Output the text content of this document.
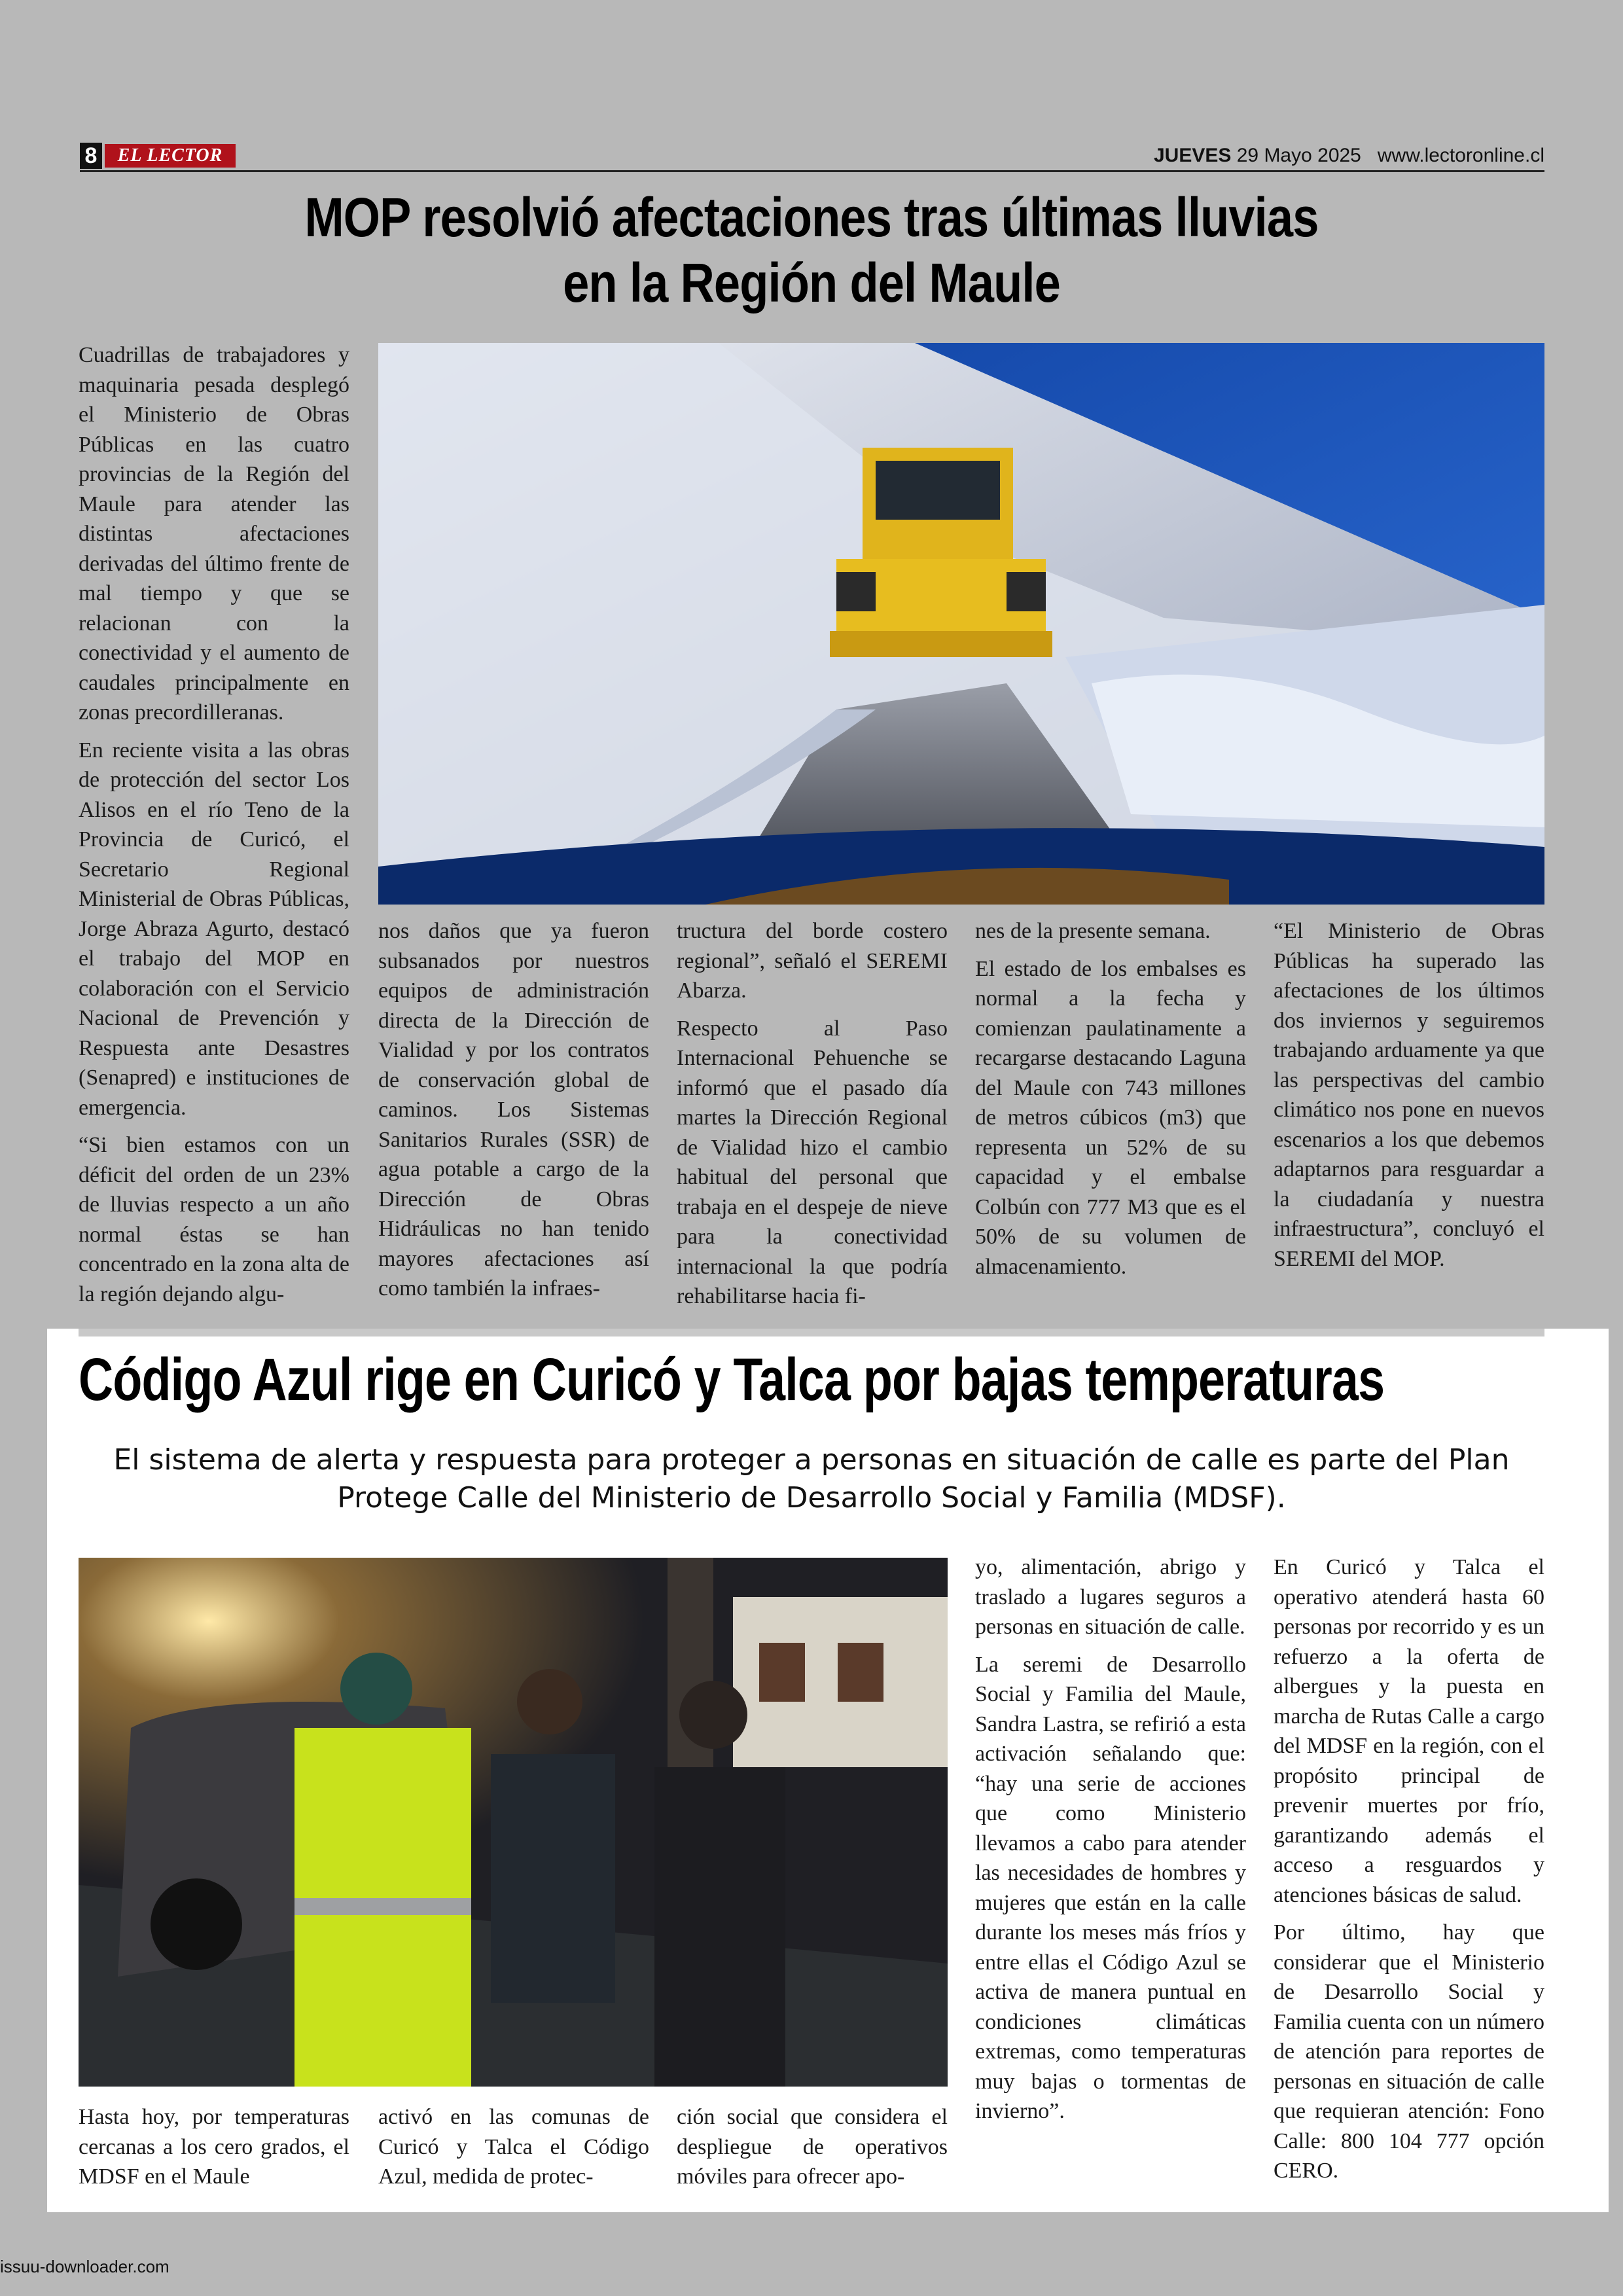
8	EL LECTOR	JUEVES 29 Mayo 2025 www.lectoronline.cl
MOP resolvió afectaciones tras últimas lluvias
en la Región del Maule

Cuadrillas de trabajadores y maquinaria pesada desplegó el Ministerio de Obras Públicas en las cuatro provincias de la Región del Maule para atender las distintas afectaciones derivadas del último frente de mal tiempo y que se relacionan con la conectividad y el aumento de caudales principalmente en zonas precordilleranas.

En reciente visita a las obras de protección del sector Los Alisos en el río Teno de la Provincia de Curicó, el Secretario Regional Ministerial de Obras Públicas, Jorge Abraza Agurto, destacó el trabajo del MOP en colaboración con el Servicio Nacional de Prevención y Respuesta ante Desastres (Senapred) e instituciones de emergencia.

“Si bien estamos con un déficit del orden de un 23% de lluvias respecto a un año normal éstas se han concentrado en la zona alta de la región dejando algu-

nos daños que ya fueron subsanados por nuestros equipos de administración directa de la Dirección de Vialidad y por los contratos de conservación global de caminos. Los Sistemas Sanitarios Rurales (SSR) de agua potable a cargo de la Dirección de Obras Hidráulicas no han tenido mayores afectaciones así como también la infraes-

tructura del borde costero regional”, señaló el SEREMI Abarza.

Respecto al Paso Internacional Pehuenche se informó que el pasado día martes la Dirección Regional de Vialidad hizo el cambio habitual del personal que trabaja en el despeje de nieve para la conectividad internacional la que podría rehabilitarse hacia fi-

nes de la presente semana.

El estado de los embalses es normal a la fecha y comienzan paulatinamente a recargarse destacando Laguna del Maule con 743 millones de metros cúbicos (m3) que representa un 52% de su capacidad y el embalse Colbún con 777 M3 que es el 50% de su volumen de almacenamiento.

“El Ministerio de Obras Públicas ha superado las afectaciones de los últimos dos inviernos y seguiremos trabajando arduamente ya que las perspectivas del cambio climático nos pone en nuevos escenarios a los que debemos adaptarnos para resguardar a la ciudadanía y nuestra infraestructura”, concluyó el SEREMI del MOP.

Código Azul rige en Curicó y Talca por bajas temperaturas
El sistema de alerta y respuesta para proteger a personas en situación de calle es parte del Plan Protege Calle del Ministerio de Desarrollo Social y Familia (MDSF).

Hasta hoy, por temperaturas cercanas a los cero grados, el MDSF en el Maule

activó en las comunas de Curicó y Talca el Código Azul, medida de protec-

ción social que considera el despliegue de operativos móviles para ofrecer apo-

yo, alimentación, abrigo y traslado a lugares seguros a personas en situación de calle.

La seremi de Desarrollo Social y Familia del Maule, Sandra Lastra, se refirió a esta activación señalando que: “hay una serie de acciones que como Ministerio llevamos a cabo para atender las necesidades de hombres y mujeres que están en la calle durante los meses más fríos y entre ellas el Código Azul se activa de manera puntual en condiciones climáticas extremas, como temperaturas muy bajas o tormentas de invierno”.

En Curicó y Talca el operativo atenderá hasta 60 personas por recorrido y es un refuerzo a la oferta de albergues y la puesta en marcha de Rutas Calle a cargo del MDSF en la región, con el propósito principal de prevenir muertes por frío, garantizando además el acceso a resguardos y atenciones básicas de salud.

Por último, hay que considerar que el Ministerio de Desarrollo Social y Familia cuenta con un número de atención para reportes de personas en situación de calle que requieran atención: Fono Calle: 800 104 777 opción CERO.

issuu-downloader.com
